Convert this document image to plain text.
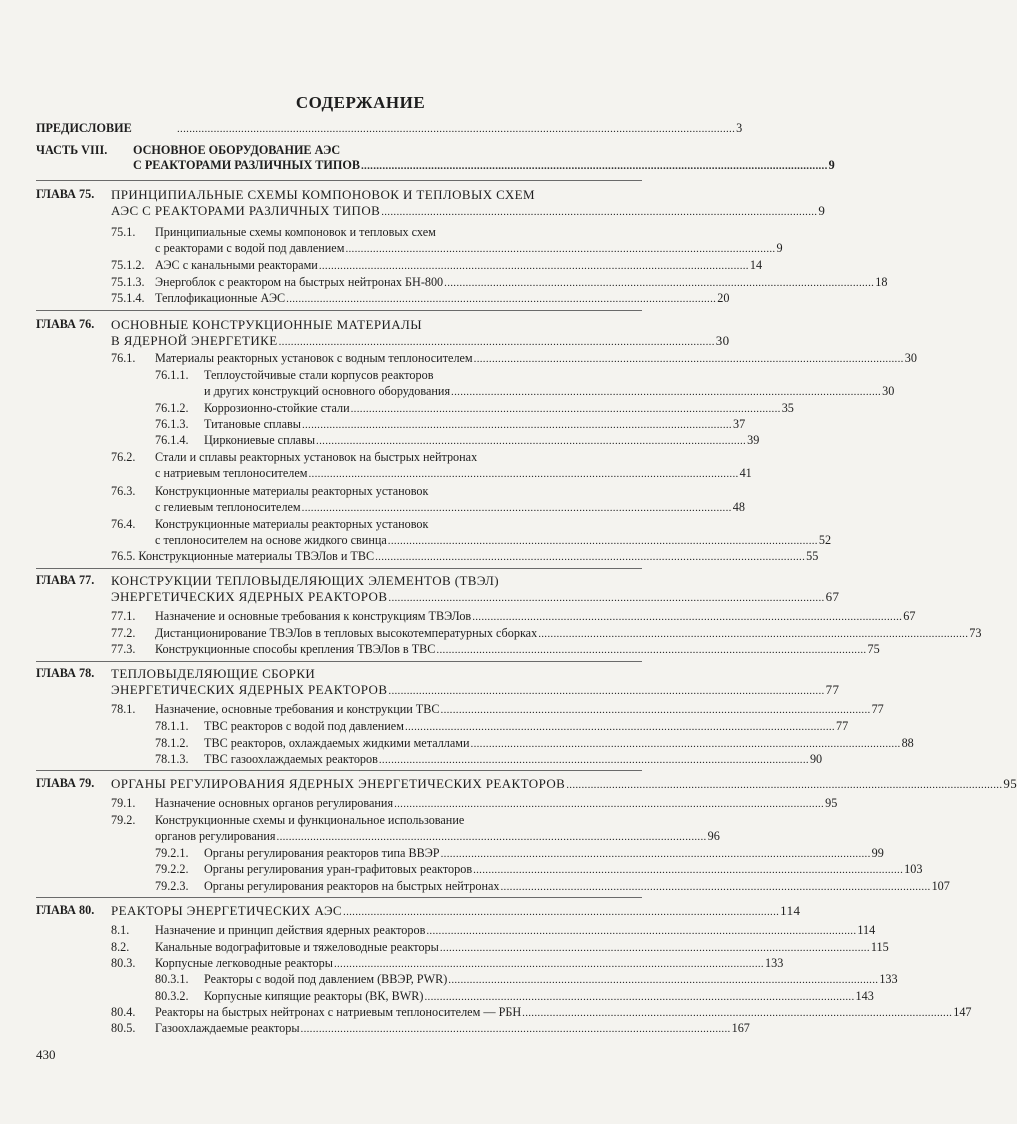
СОДЕРЖАНИЕ
ПРЕДИСЛОВИЕ	....................................................................................................................................................................................... 3
ЧАСТЬ VIII. ОСНОВНОЕ ОБОРУДОВАНИЕ АЭС
С РЕАКТОРАМИ РАЗЛИЧНЫХ ТИПОВ ......................................................................................................................................................... 9
ГЛАВА 75. ПРИНЦИПИАЛЬНЫЕ СХЕМЫ КОМПОНОВОК И ТЕПЛОВЫХ СХЕМ
АЭС С РЕАКТОРАМИ РАЗЛИЧНЫХ ТИПОВ ............................................................................................................................................... 9
75.1. Принципиальные схемы компоновок и тепловых схем
с реакторами с водой под давлением ............................................................................................................................................. 9
75.1.2. АЭС с канальными реакторами ............................................................................................................................................. 14
75.1.3. Энергоблок с реактором на быстрых нейтронах БН-800 ............................................................................................................................................. 18
75.1.4. Теплофикационные АЭС ............................................................................................................................................. 20
ГЛАВА 76. ОСНОВНЫЕ КОНСТРУКЦИОННЫЕ МАТЕРИАЛЫ
В ЯДЕРНОЙ ЭНЕРГЕТИКЕ ............................................................................................................................................... 30
76.1. Материалы реакторных установок с водным теплоносителем ............................................................................................................................................. 30
76.1.1. Теплоустойчивые стали корпусов реакторов
и других конструкций основного оборудования ............................................................................................................................................. 30
76.1.2. Коррозионно-стойкие стали ............................................................................................................................................. 35
76.1.3. Титановые сплавы ............................................................................................................................................. 37
76.1.4. Циркониевые сплавы ............................................................................................................................................. 39
76.2. Стали и сплавы реакторных установок на быстрых нейтронах
с натриевым теплоносителем ............................................................................................................................................. 41
76.3. Конструкционные материалы реакторных установок
с гелиевым теплоносителем ............................................................................................................................................. 48
76.4. Конструкционные материалы реакторных установок
с теплоносителем на основе жидкого свинца ............................................................................................................................................. 52
76.5. Конструкционные материалы ТВЭЛов и ТВС ............................................................................................................................................. 55
ГЛАВА 77. КОНСТРУКЦИИ ТЕПЛОВЫДЕЛЯЮЩИХ ЭЛЕМЕНТОВ (ТВЭЛ)
ЭНЕРГЕТИЧЕСКИХ ЯДЕРНЫХ РЕАКТОРОВ ............................................................................................................................................... 67
77.1. Назначение и основные требования к конструкциям ТВЭЛов ............................................................................................................................................. 67
77.2. Дистанционирование ТВЭЛов в тепловых высокотемпературных сборках ............................................................................................................................................. 73
77.3. Конструкционные способы крепления ТВЭЛов в ТВС ............................................................................................................................................. 75
ГЛАВА 78. ТЕПЛОВЫДЕЛЯЮЩИЕ СБОРКИ
ЭНЕРГЕТИЧЕСКИХ ЯДЕРНЫХ РЕАКТОРОВ ............................................................................................................................................... 77
78.1. Назначение, основные требования и конструкции ТВС ............................................................................................................................................. 77
78.1.1. ТВС реакторов с водой под давлением ............................................................................................................................................. 77
78.1.2. ТВС реакторов, охлаждаемых жидкими металлами ............................................................................................................................................. 88
78.1.3. ТВС газоохлаждаемых реакторов ............................................................................................................................................. 90
ГЛАВА 79. ОРГАНЫ РЕГУЛИРОВАНИЯ ЯДЕРНЫХ ЭНЕРГЕТИЧЕСКИХ РЕАКТОРОВ ............................................................................................................................................... 95
79.1. Назначение основных органов регулирования ............................................................................................................................................. 95
79.2. Конструкционные схемы и функциональное использование
органов регулирования ............................................................................................................................................. 96
79.2.1. Органы регулирования реакторов типа ВВЭР ............................................................................................................................................. 99
79.2.2. Органы регулирования уран-графитовых реакторов ............................................................................................................................................. 103
79.2.3. Органы регулирования реакторов на быстрых нейтронах ............................................................................................................................................. 107
ГЛАВА 80. РЕАКТОРЫ ЭНЕРГЕТИЧЕСКИХ АЭС ............................................................................................................................................... 114
8.1. Назначение и принцип действия ядерных реакторов ............................................................................................................................................. 114
8.2. Канальные водографитовые и тяжеловодные реакторы ............................................................................................................................................. 115
80.3. Корпусные легководные реакторы ............................................................................................................................................. 133
80.3.1. Реакторы с водой под давлением (ВВЭР, PWR) ............................................................................................................................................. 133
80.3.2. Корпусные кипящие реакторы (ВК, BWR) ............................................................................................................................................. 143
80.4. Реакторы на быстрых нейтронах с натриевым теплоносителем — РБН ............................................................................................................................................. 147
80.5. Газоохлаждаемые реакторы ............................................................................................................................................. 167
430
